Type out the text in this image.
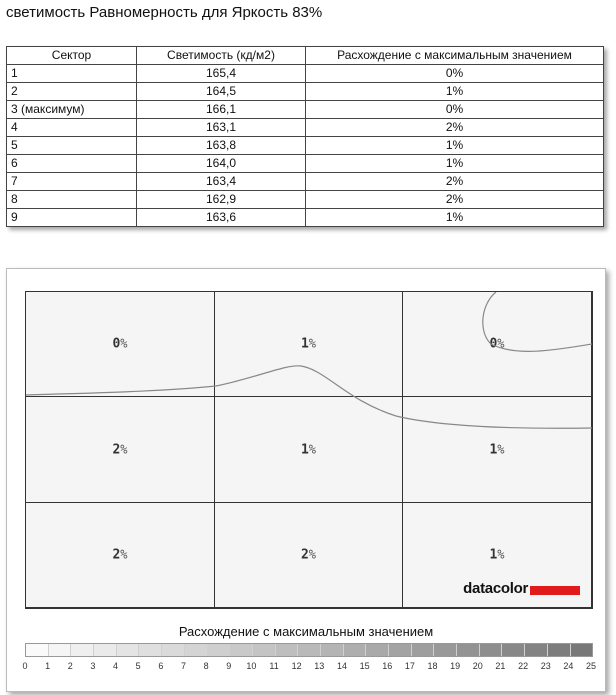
светимость Равномерность для Яркость 83%
Сектор	Светимость (кд/м2)	Расхождение с максимальным значением
1	165,4	0%
2	164,5	1%
3 (максимум)	166,1	0%
4	163,1	2%
5	163,8	1%
6	164,0	1%
7	163,4	2%
8	162,9	2%
9	163,6	1%
1%
2%
2%
1%
1%
2%
0%
1%
0%
datacolor
Расхождение с максимальным значением
0 1 2 3 4 5 6 7 8 9 10 11 12 13 14 15 16 17 18 19 20 21 22 23 24 25
